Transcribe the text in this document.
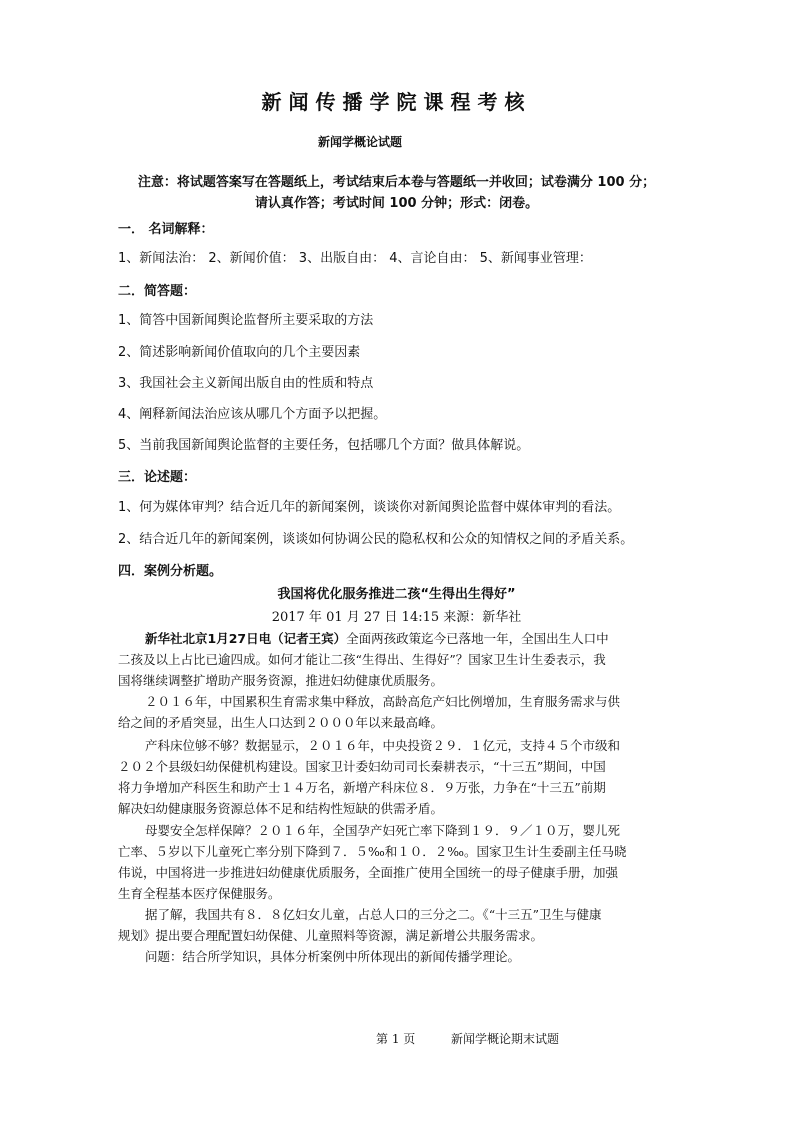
新闻传播学院课程考核
新闻学概论试题
注意：将试题答案写在答题纸上，考试结束后本卷与答题纸一并收回；试卷满分 100 分；
请认真作答；考试时间 100 分钟；形式：闭卷。
一． 名词解释：
1、新闻法治： 2、新闻价值： 3、出版自由： 4、言论自由： 5、新闻事业管理：
二．简答题：
1、简答中国新闻舆论监督所主要采取的方法
2、简述影响新闻价值取向的几个主要因素
3、我国社会主义新闻出版自由的性质和特点
4、阐释新闻法治应该从哪几个方面予以把握。
5、当前我国新闻舆论监督的主要任务，包括哪几个方面？做具体解说。
三．论述题：
1、何为媒体审判？结合近几年的新闻案例，谈谈你对新闻舆论监督中媒体审判的看法。
2、结合近几年的新闻案例，谈谈如何协调公民的隐私权和公众的知情权之间的矛盾关系。
四．案例分析题。
我国将优化服务推进二孩“生得出生得好”
2017 年 01 月 27 日 14:15 来源：新华社
新华社北京1月27日电（记者王宾）全面两孩政策迄今已落地一年，全国出生人口中
二孩及以上占比已逾四成。如何才能让二孩“生得出、生得好”？国家卫生计生委表示，我
国将继续调整扩增助产服务资源，推进妇幼健康优质服务。
２０１６年，中国累积生育需求集中释放，高龄高危产妇比例增加，生育服务需求与供
给之间的矛盾突显，出生人口达到２０００年以来最高峰。
产科床位够不够？数据显示，２０１６年，中央投资２９．１亿元，支持４５个市级和
２０２个县级妇幼保健机构建设。国家卫计委妇幼司司长秦耕表示，“十三五”期间，中国
将力争增加产科医生和助产士１４万名，新增产科床位８．９万张，力争在“十三五”前期
解决妇幼健康服务资源总体不足和结构性短缺的供需矛盾。
母婴安全怎样保障？２０１６年，全国孕产妇死亡率下降到１９．９／１０万，婴儿死
亡率、５岁以下儿童死亡率分别下降到７．５‰和１０．２‰。国家卫生计生委副主任马晓
伟说，中国将进一步推进妇幼健康优质服务，全面推广使用全国统一的母子健康手册，加强
生育全程基本医疗保健服务。
据了解，我国共有８．８亿妇女儿童，占总人口的三分之二。《“十三五”卫生与健康
规划》提出要合理配置妇幼保健、儿童照料等资源，满足新增公共服务需求。
问题：结合所学知识，具体分析案例中所体现出的新闻传播学理论。
第 1 页	新闻学概论期末试题
